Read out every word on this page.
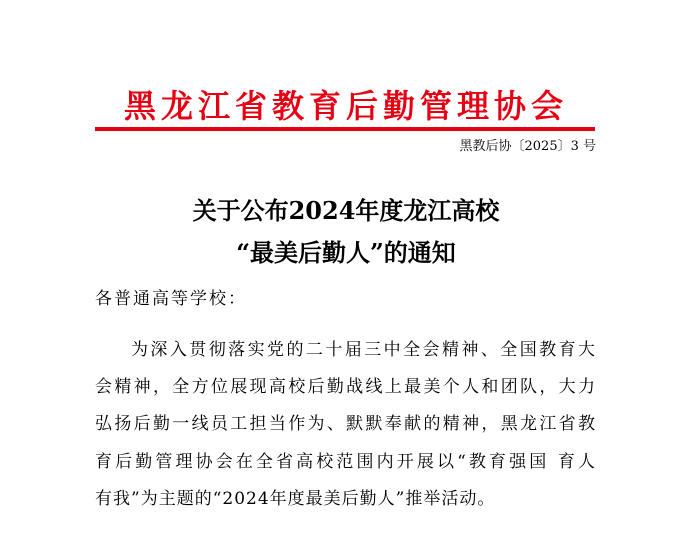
黑龙江省教育后勤管理协会
黑教后协〔2025〕3 号
关于公布2024年度龙江高校
“最美后勤人”的通知
各普通高等学校：
为深入贯彻落实党的二十届三中全会精神、全国教育大
会精神，全方位展现高校后勤战线上最美个人和团队，大力
弘扬后勤一线员工担当作为、默默奉献的精神，黑龙江省教
育后勤管理协会在全省高校范围内开展以“教育强国 育人
有我”为主题的“2024年度最美后勤人”推举活动。
